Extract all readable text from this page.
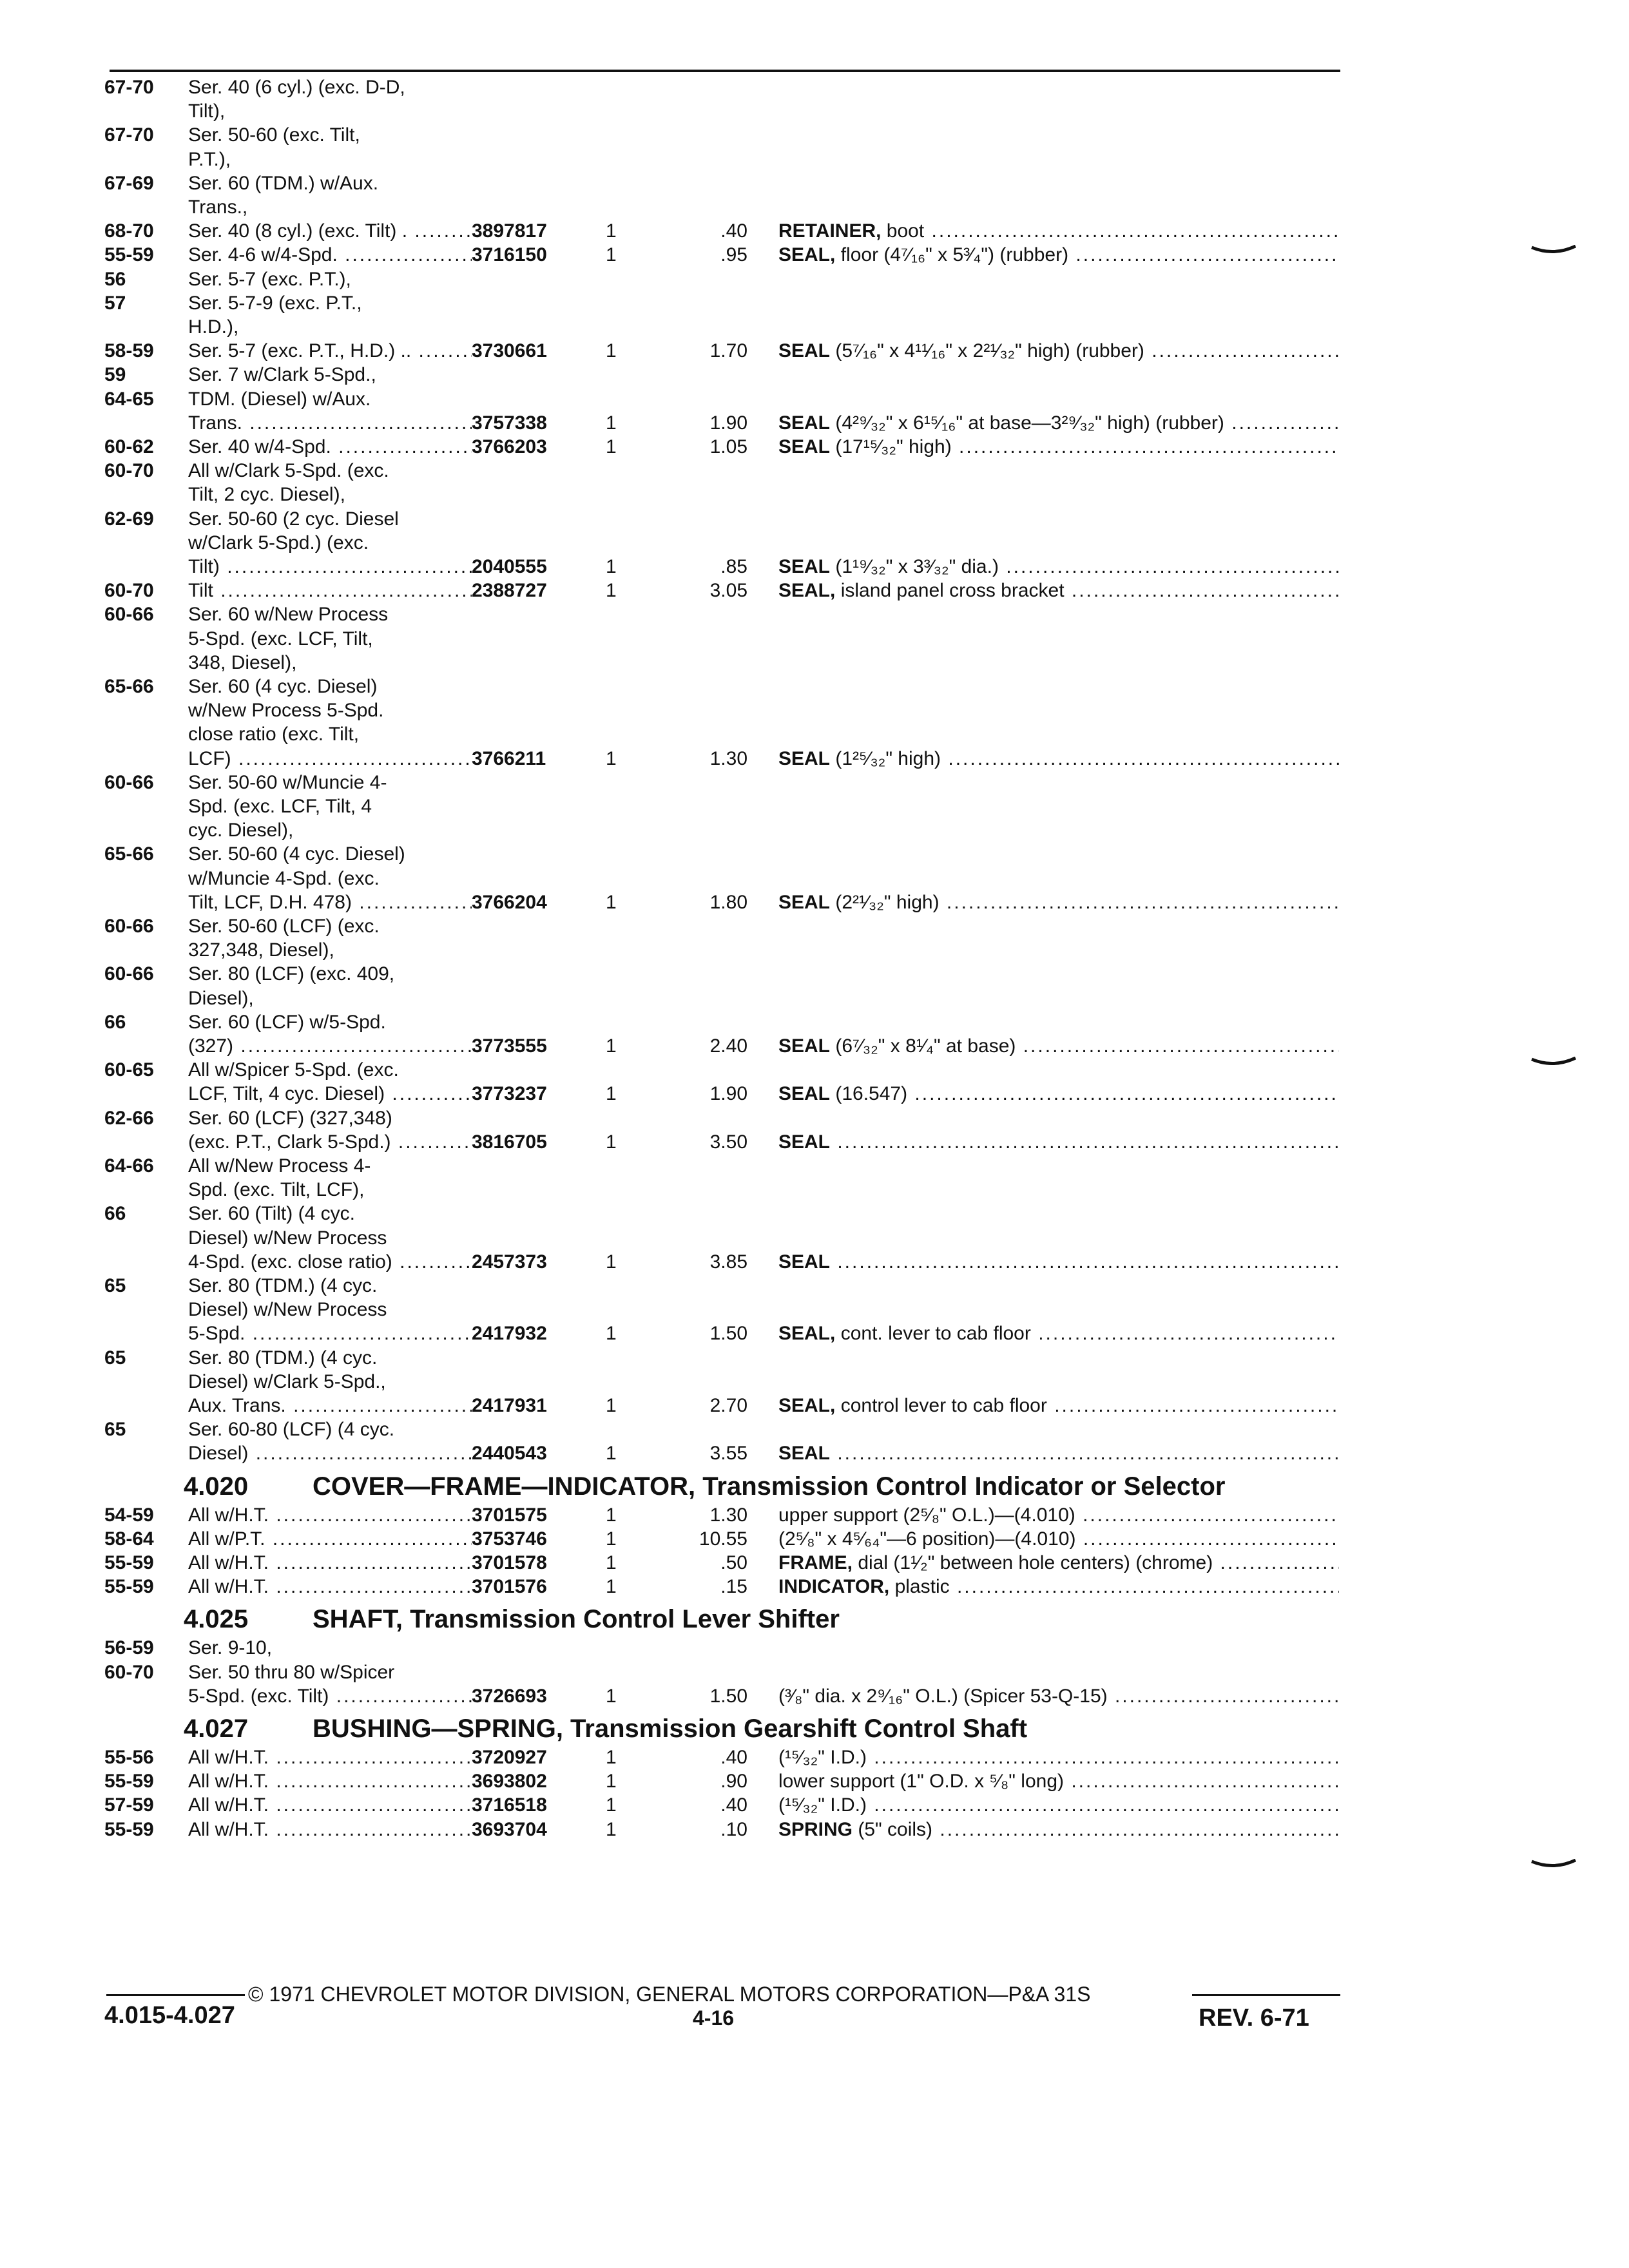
67-70 Ser. 40 (6 cyl.) (exc. D-D,
Tilt),
67-70 Ser. 50-60 (exc. Tilt,
P.T.),
67-69 Ser. 60 (TDM.) w/Aux.
Trans.,
68-70 Ser. 40 (8 cyl.) (exc. Tilt) . .....	3897817	1	.40 RETAINER, boot .....
55-59 Ser. 4-6 w/4-Spd. .....	3716150	1	.95 SEAL, floor (4⁷⁄₁₆" x 5³⁄₄") (rubber) .....
56	Ser. 5-7 (exc. P.T.),
57	Ser. 5-7-9 (exc. P.T.,
H.D.),
58-59 Ser. 5-7 (exc. P.T., H.D.) .. .....	3730661	1	1.70 SEAL (5⁷⁄₁₆" x 4¹¹⁄₁₆" x 2²¹⁄₃₂" high) (rubber) .....
59	Ser. 7 w/Clark 5-Spd.,
64-65 TDM. (Diesel) w/Aux.
Trans. .....	3757338	1	1.90 SEAL (4²⁹⁄₃₂" x 6¹⁵⁄₁₆" at base—3²⁹⁄₃₂" high) (rubber) .....
60-62 Ser. 40 w/4-Spd. .....	3766203	1	1.05 SEAL (17¹⁵⁄₃₂" high) .....
60-70 All w/Clark 5-Spd. (exc.
Tilt, 2 cyc. Diesel),
62-69 Ser. 50-60 (2 cyc. Diesel
w/Clark 5-Spd.) (exc.
Tilt) .....	2040555	1	.85 SEAL (1¹⁹⁄₃₂" x 3³⁄₃₂" dia.) .....
60-70 Tilt .....	2388727	1	3.05 SEAL, island panel cross bracket .....
60-66 Ser. 60 w/New Process
5-Spd. (exc. LCF, Tilt,
348, Diesel),
65-66 Ser. 60 (4 cyc. Diesel)
w/New Process 5-Spd.
close ratio (exc. Tilt,
LCF) .....	3766211	1	1.30 SEAL (1²⁵⁄₃₂" high) .....
60-66 Ser. 50-60 w/Muncie 4-
Spd. (exc. LCF, Tilt, 4
cyc. Diesel),
65-66 Ser. 50-60 (4 cyc. Diesel)
w/Muncie 4-Spd. (exc.
Tilt, LCF, D.H. 478) .....	3766204	1	1.80 SEAL (2²¹⁄₃₂" high) .....
60-66 Ser. 50-60 (LCF) (exc.
327,348, Diesel),
60-66 Ser. 80 (LCF) (exc. 409,
Diesel),
66	Ser. 60 (LCF) w/5-Spd.
(327) .....	3773555	1	2.40 SEAL (6⁷⁄₃₂" x 8¹⁄₄" at base) .....
60-65 All w/Spicer 5-Spd. (exc.
LCF, Tilt, 4 cyc. Diesel) .....	3773237	1	1.90 SEAL (16.547) .....
62-66 Ser. 60 (LCF) (327,348)
(exc. P.T., Clark 5-Spd.) .....	3816705	1	3.50 SEAL .....
64-66 All w/New Process 4-
Spd. (exc. Tilt, LCF),
66	Ser. 60 (Tilt) (4 cyc.
Diesel) w/New Process
4-Spd. (exc. close ratio) .....	2457373	1	3.85 SEAL .....
65	Ser. 80 (TDM.) (4 cyc.
Diesel) w/New Process
5-Spd. .....	2417932	1	1.50 SEAL, cont. lever to cab floor .....
65	Ser. 80 (TDM.) (4 cyc.
Diesel) w/Clark 5-Spd.,
Aux. Trans. .....	2417931	1	2.70 SEAL, control lever to cab floor .....
65	Ser. 60-80 (LCF) (4 cyc.
Diesel) .....	2440543	1	3.55 SEAL .....
4.020 COVER—FRAME—INDICATOR, Transmission Control Indicator or Selector
54-59 All w/H.T. .....	3701575	1	1.30 upper support (2⁵⁄₈" O.L.)—(4.010) .....
58-64 All w/P.T. .....	3753746	1	10.55 (2⁵⁄₈" x 4⁵⁄₆₄"—6 position)—(4.010) .....
55-59 All w/H.T. .....	3701578	1	.50 FRAME, dial (1¹⁄₂" between hole centers) (chrome) .....
55-59 All w/H.T. .....	3701576	1	.15 INDICATOR, plastic .....
4.025 SHAFT, Transmission Control Lever Shifter
56-59 Ser. 9-10,
60-70 Ser. 50 thru 80 w/Spicer
5-Spd. (exc. Tilt) .....	3726693	1	1.50 (³⁄₈" dia. x 2⁹⁄₁₆" O.L.) (Spicer 53-Q-15) .....
4.027 BUSHING—SPRING, Transmission Gearshift Control Shaft
55-56 All w/H.T. .....	3720927	1	.40 (¹⁵⁄₃₂" I.D.) .....
55-59 All w/H.T. .....	3693802	1	.90 lower support (1" O.D. x ⁵⁄₈" long) .....
57-59 All w/H.T. .....	3716518	1	.40 (¹⁵⁄₃₂" I.D.) .....
55-59 All w/H.T. .....	3693704	1	.10 SPRING (5" coils) .....
© 1971 CHEVROLET MOTOR DIVISION, GENERAL MOTORS CORPORATION—P&A 31S
4.015-4.027	4-16	REV. 6-71
